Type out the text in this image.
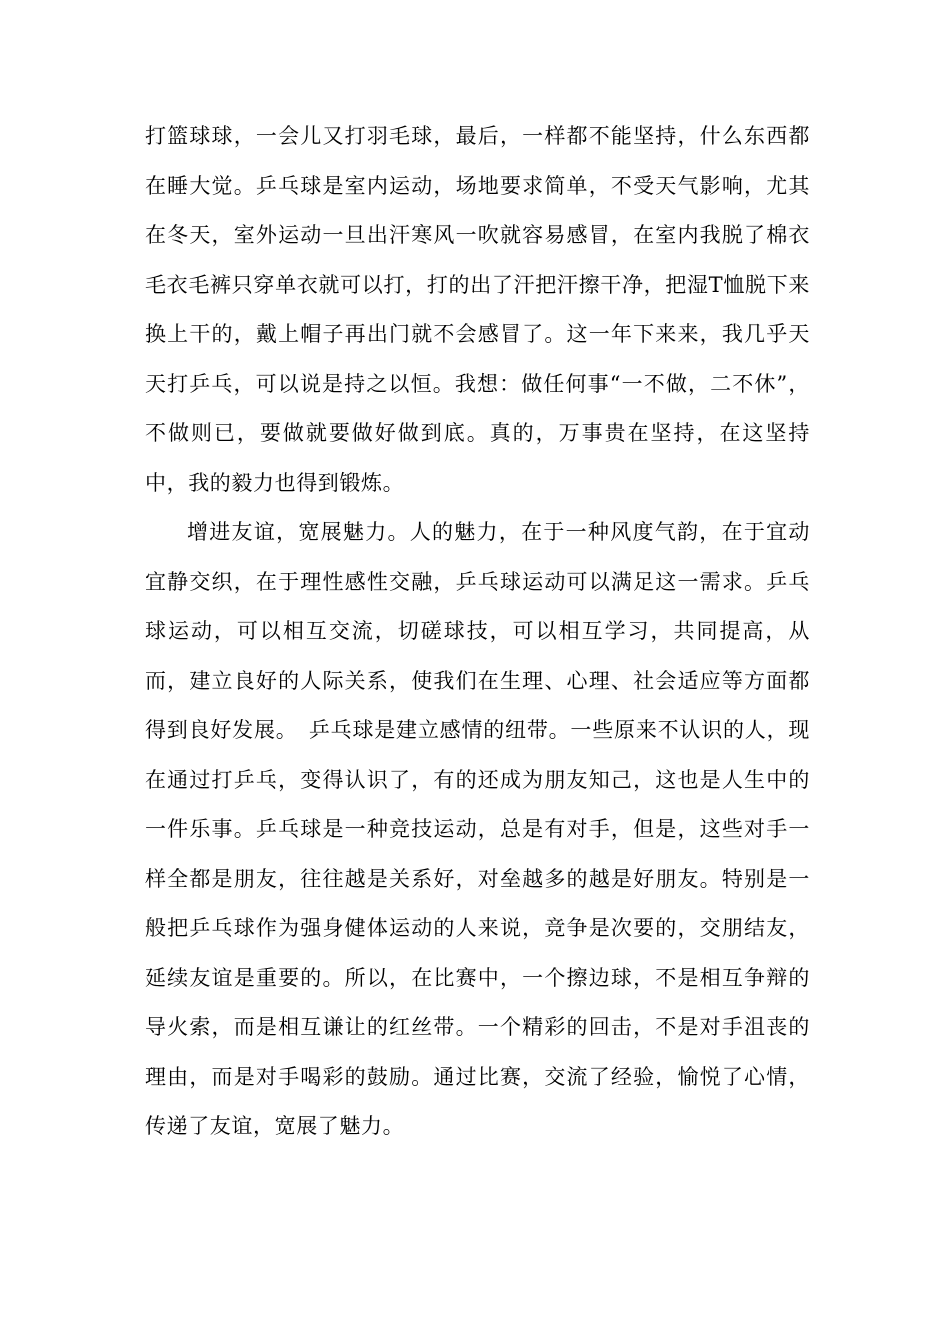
打篮球球，一会儿又打羽毛球，最后，一样都不能坚持，什么东西都在睡大觉。乒乓球是室内运动，场地要求简单，不受天气影响，尤其在冬天，室外运动一旦出汗寒风一吹就容易感冒，在室内我脱了棉衣毛衣毛裤只穿单衣就可以打，打的出了汗把汗擦干净，把湿T恤脱下来换上干的，戴上帽子再出门就不会感冒了。这一年下来来，我几乎天天打乒乓，可以说是持之以恒。我想：做任何事“一不做，二不休”，不做则已，要做就要做好做到底。真的，万事贵在坚持，在这坚持中，我的毅力也得到锻炼。

增进友谊，宽展魅力。人的魅力，在于一种风度气韵，在于宜动宜静交织，在于理性感性交融，乒乓球运动可以满足这一需求。乒乓球运动，可以相互交流，切磋球技，可以相互学习，共同提高，从而，建立良好的人际关系，使我们在生理、心理、社会适应等方面都得到良好发展。　乒乓球是建立感情的纽带。一些原来不认识的人，现在通过打乒乓，变得认识了，有的还成为朋友知己，这也是人生中的一件乐事。乒乓球是一种竞技运动，总是有对手，但是，这些对手一样全都是朋友，往往越是关系好，对垒越多的越是好朋友。特别是一般把乒乓球作为强身健体运动的人来说，竞争是次要的，交朋结友，延续友谊是重要的。所以，在比赛中，一个擦边球，不是相互争辩的导火索，而是相互谦让的红丝带。一个精彩的回击，不是对手沮丧的理由，而是对手喝彩的鼓励。通过比赛，交流了经验，愉悦了心情，传递了友谊，宽展了魅力。
